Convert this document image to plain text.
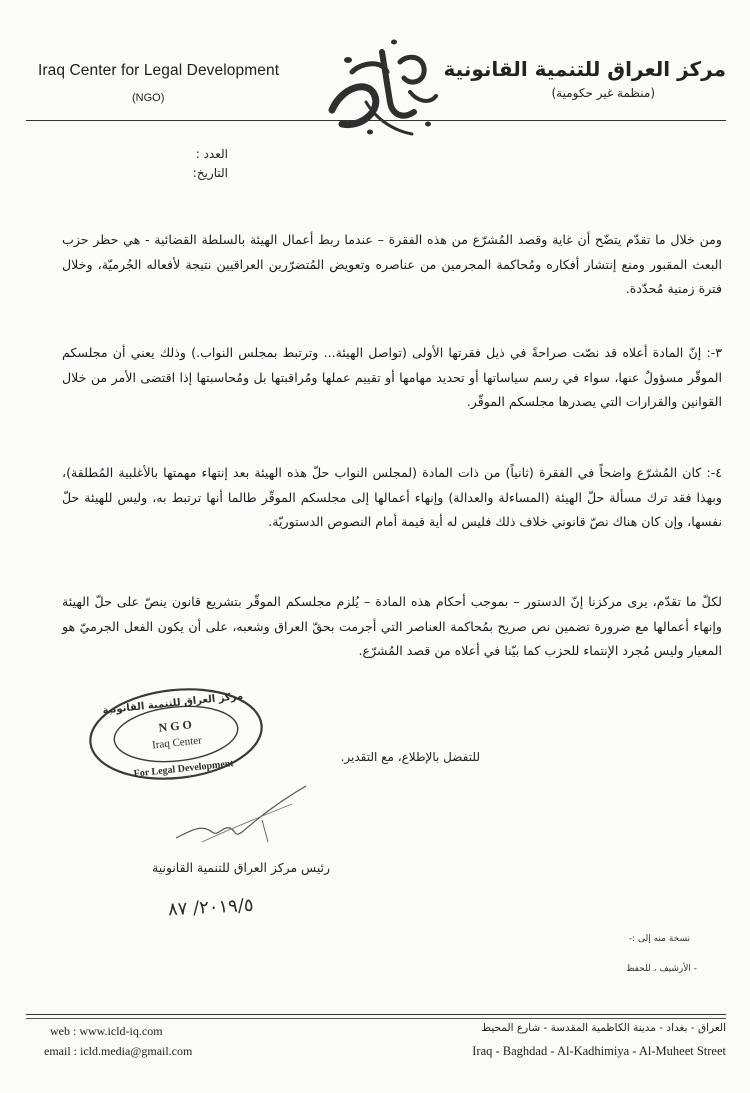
Iraq Center for Legal Development
(NGO)
مركز العراق للتنمية القانونية
(منظمة غير حكومية)
العدد :
التاريخ:

ومن خلال ما تقدّم يتضّح أن غاية وقصد المُشرّع من هذه الفقرة – عندما ربط أعمال الهيئة بالسلطة القضائية - هي حظر حزب البعث المقبور ومنع إنتشار أفكاره ومُحاكمة المجرمين من عناصره وتعويض المُتضرّرين العراقيين نتيجة لأفعاله الجُرميّة، وخلال فترة زمنية مُحدّدة.

٣-: إنّ المادة أعلاه قد نصّت صراحةً في ذيل فقرتها الأولى (تواصل الهيئة... وترتبط بمجلس النواب.) وذلك يعني أن مجلسكم الموقّر مسؤولٌ عنها، سواء في رسم سياساتها أو تحديد مهامها أو تقييم عملها ومُراقبتها بل ومُحاسبتها إذا اقتضى الأمر من خلال القوانين والقرارات التي يصدرها مجلسكم الموقّر.

٤-: كان المُشرّع واضحاً في الفقرة (ثانياً) من ذات المادة (لمجلس النواب حلّ هذه الهيئة بعد إنتهاء مهمتها بالأغلبية المُطلقة)، وبهذا فقد ترك مسألة حلّ الهيئة (المساءلة والعدالة) وإنهاء أعمالها إلى مجلسكم الموقّر طالما أنها ترتبط به، وليس للهيئة حلّ نفسها، وإن كان هناك نصّ قانوني خلاف ذلك فليس له أية قيمة أمام النصوص الدستوريّة.

لكلّ ما تقدّم، يرى مركزنا إنّ الدستور – بموجب أحكام هذه المادة – يُلزم مجلسكم الموقّر بتشريع قانون ينصّ على حلّ الهيئة وإنهاء أعمالها مع ضرورة تضمين نص صريح بمُحاكمة العناصر التي أجرمت بحقّ العراق وشعبه، على أن يكون الفعل الجرميّ هو المعيار وليس مُجرد الإنتماء للحزب كما بيّنا في أعلاه من قصد المُشرّع.

مركز العراق للتنمية القانونية
N G O
Iraq Center
For Legal Development
للتفضل بالإطلاع، مع التقدير.
رئيس مركز العراق للتنمية القانونية
٢٠١٩/٥/ ٨٧
نسخة منه إلى :-
- الأرشيف ، للحفظ
web : www.icld-iq.com
email : icld.media@gmail.com
العراق - بغداد - مدينة الكاظمية المقدسة - شارع المحيط
Iraq - Baghdad - Al-Kadhimiya - Al-Muheet Street
